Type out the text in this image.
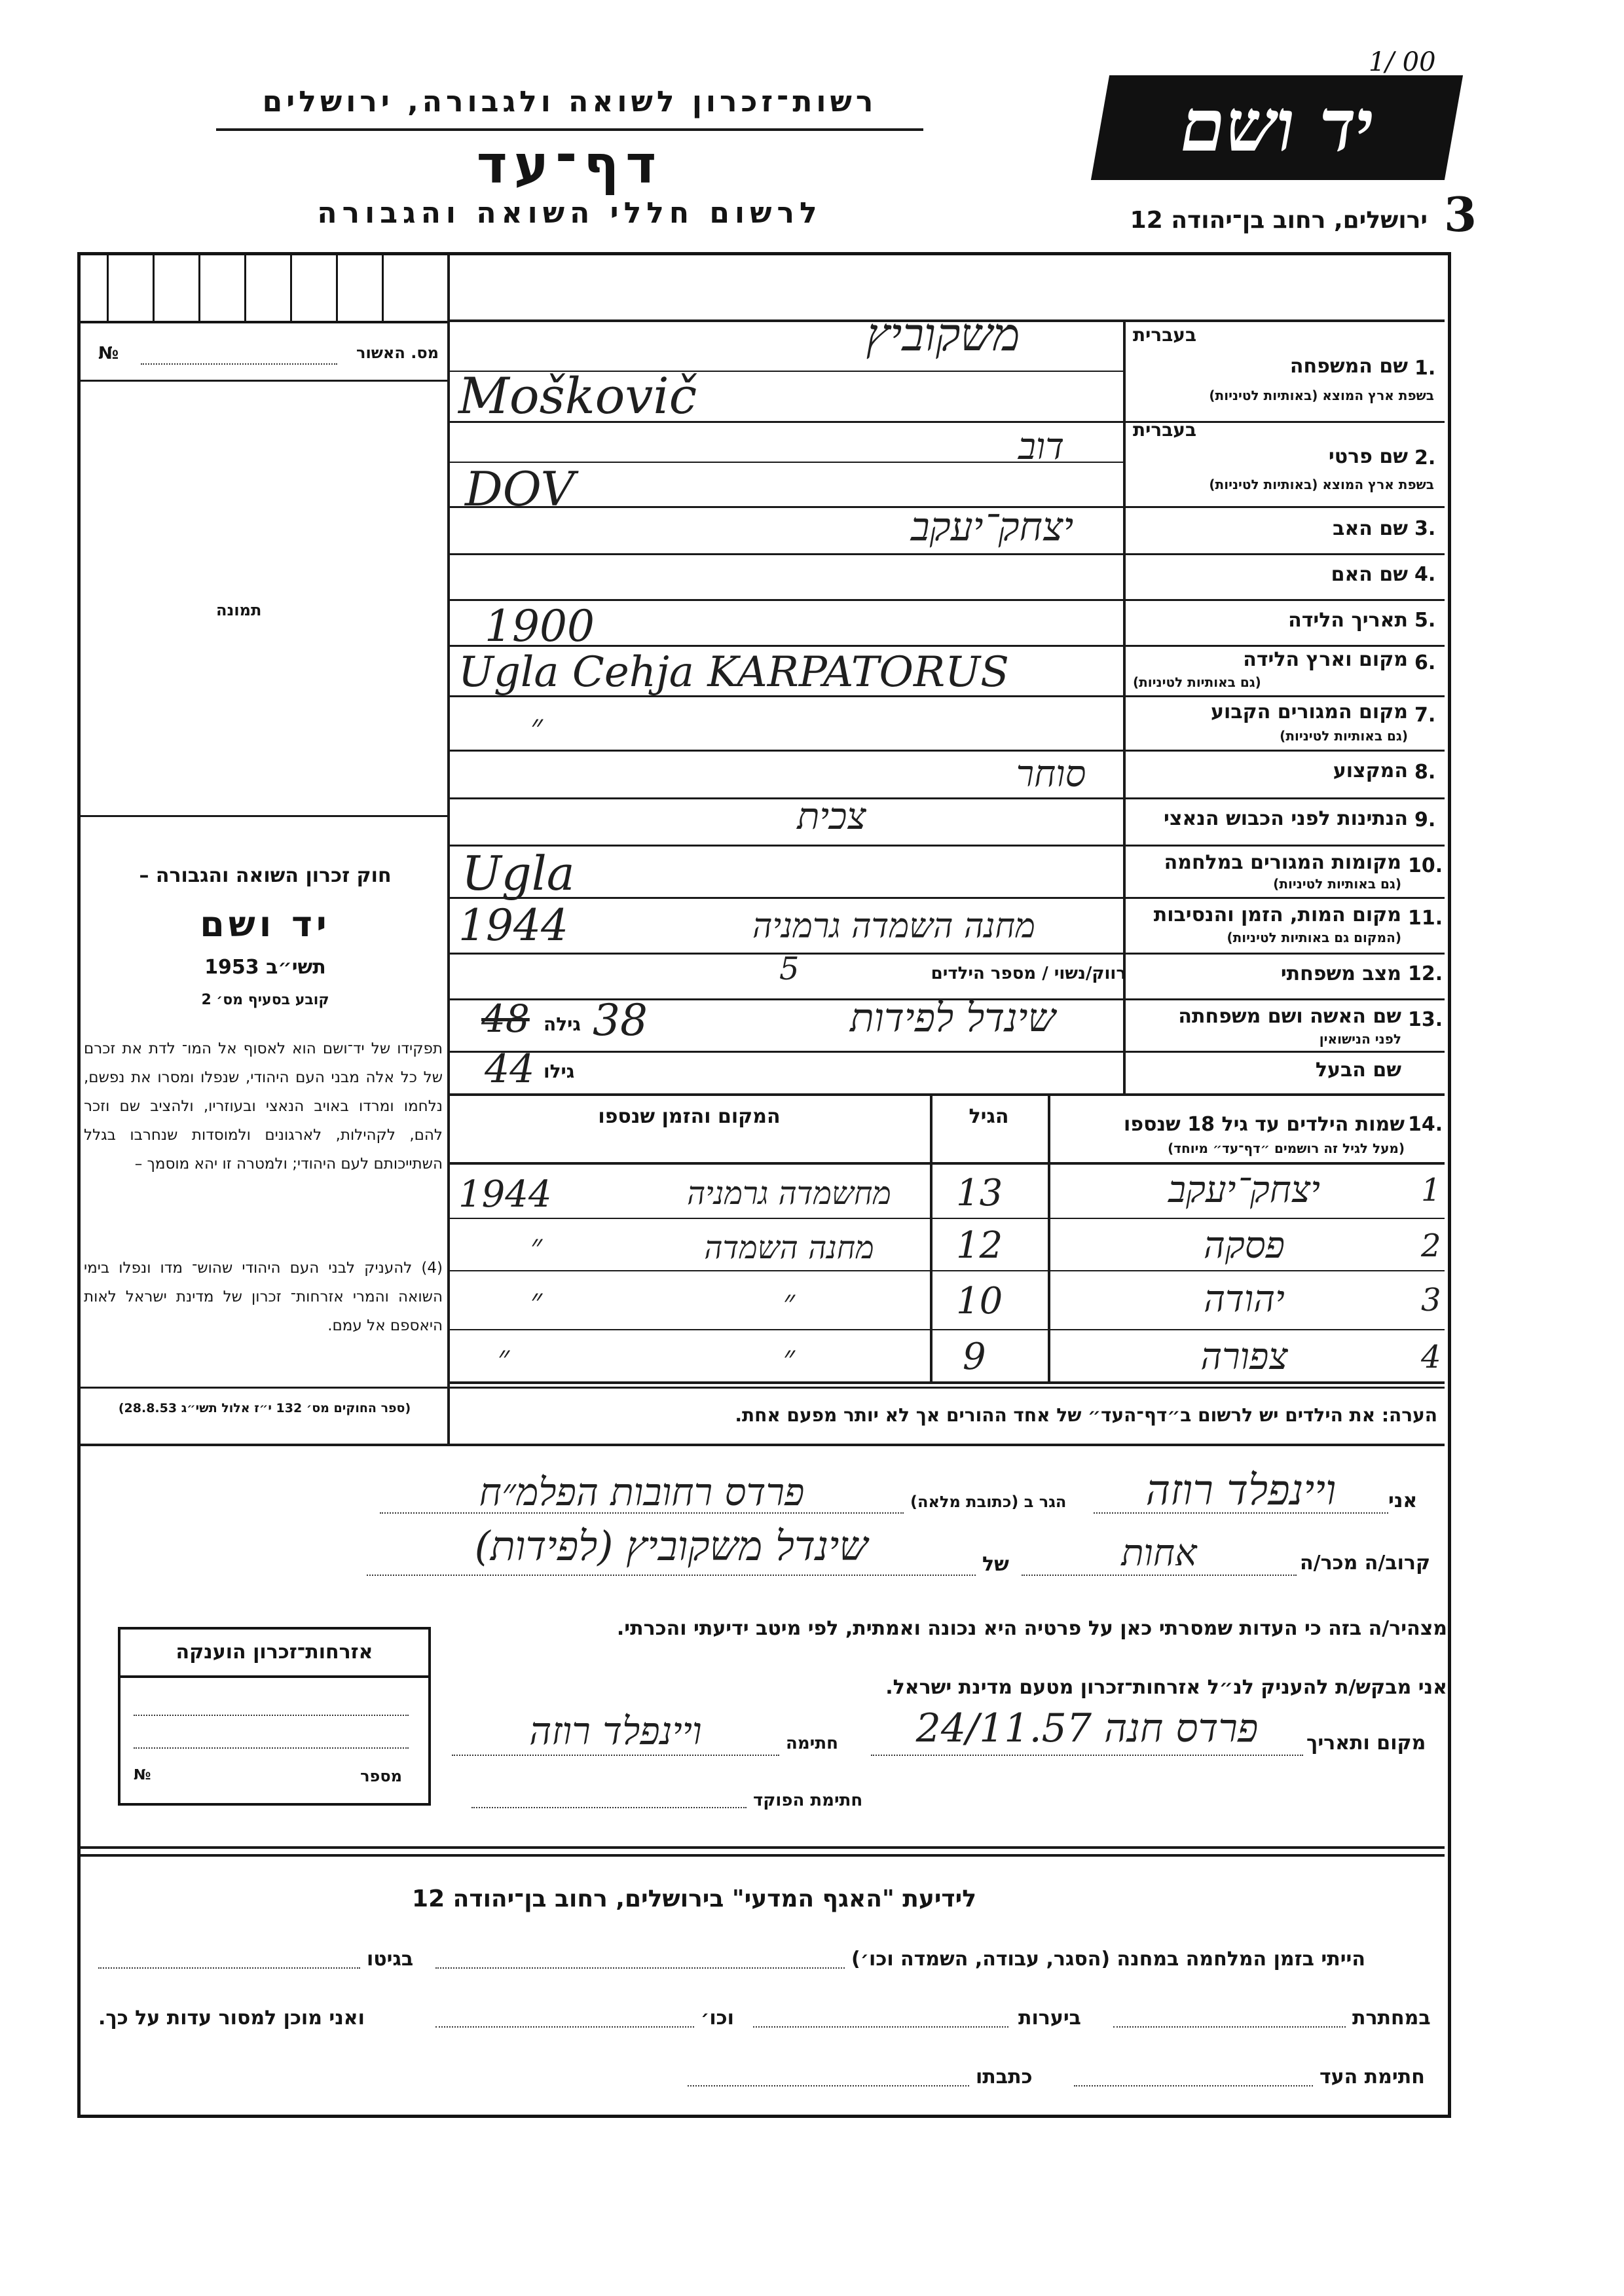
רשות־זכרון לשואה ולגבורה, ירושלים
דף־עד
לרשום חללי השואה והגבורה
יד ושם
1/ 00
ירושלים, רחוב בן־יהודה 12 3
מס. האשור
№
תמונה
חוק זכרון השואה והגבורה –
יד ושם
תשי״ב 1953
קובע בסעיף מס׳ 2
תפקידו של יד־ושם הוא לאסוף אל המו־ לדת את זכרם של כל אלה מבני העם היהודי, שנפלו ומסרו את נפשם, נלחמו ומרדו באויב הנאצי ובעוזריו, ולהציב שם וזכר להם, לקהילות, לארגונים ולמוסדות שנחרבו בגלל השתייכותם לעם היהודי; ולמטרה זו יהא מוסמך –
(4) להעניק לבני העם היהודי שהוש־ מדו ונפלו בימי השואה והמרי אזרחות־ זכרון של מדינת ישראל לאות היאספם אל עמם.
(ספר החוקים מס׳ 132 י״ז אלול תשי״ג 28.8.53)
בעברית
1.
שם המשפחה
בשפת ארץ המוצא (באותיות לטיניות)
משקוביץ
Moškovič
בעברית
2.
שם פרטי
בשפת ארץ המוצא (באותיות לטיניות)
דוב
DOV
3.
שם האב
יצחק־יעקב
4.
שם האם
5.
תאריך הלידה
1900
6.
מקום וארץ הלידה
(גם באותיות לטיניות)
Ugla Cehja KARPATORUS
7.
מקום המגורים הקבוע
(גם באותיות לטיניות)
״
8.
המקצוע
סוחר
9.
הנתינות לפני הכבוש הנאצי
צכית
10.
מקומות המגורים במלחמה
(גם באותיות לטיניות)
Ugla
11.
מקום המות, הזמן והנסיבות
(המקום גם באותיות לטיניות)
1944	מחנה השמדה גרמניה
12.
מצב משפחתי
רווק/נשוי / מספר הילדים
5
13.
שם האשה ושם משפחתה
לפני הנישואין
גילה
48 38	שינדל לפידות
שם הבעל
גילו
44
14.
שמות הילדים עד גיל 18 שנספו
(מעל לגיל זה רושמים ״דף־עד״ מיוחד)
הגיל
המקום והזמן שנספו
1
יצחק־יעקב
13
מחשמדה גרמניה
1944
2
פסקה
12
מחנה השמדה
״
3
יהודה
10
״
״
4
צפורה
9
״
״
הערה: את הילדים יש לרשום ב״דף־העד״ של אחד ההורים אך לא יותר מפעם אחת.
אני
ויינפלד רוזה
הגר ב (כתובת מלאה)
פרדס רחובות הפלמ״ח
קרוב/ה מכר/ה
אחות
של
שינדל משקוביץ (לפידות)
מצהיר/ה בזה כי העדות שמסרתי כאן על פרטיה היא נכונה ואמתית, לפי מיטב ידיעתי והכרתי.
אני מבקש/ת להעניק לנ״ל אזרחות־זכרון מטעם מדינת ישראל.
מקום ותאריך
פרדס חנה 24/11.57
חתימה
ויינפלד רוזה
חתימת הפוקד
אזרחות־זכרון הוענקה
מספר
№
לידיעת "האגף המדעי" בירושלים, רחוב בן־יהודה 12
הייתי בזמן המלחמה במחנה (הסגר, עבודה, השמדה וכו׳)
בגיטו
במחתרת
ביערות
וכו׳
ואני מוכן למסור עדות על כך.
חתימת העד
כתבתו
